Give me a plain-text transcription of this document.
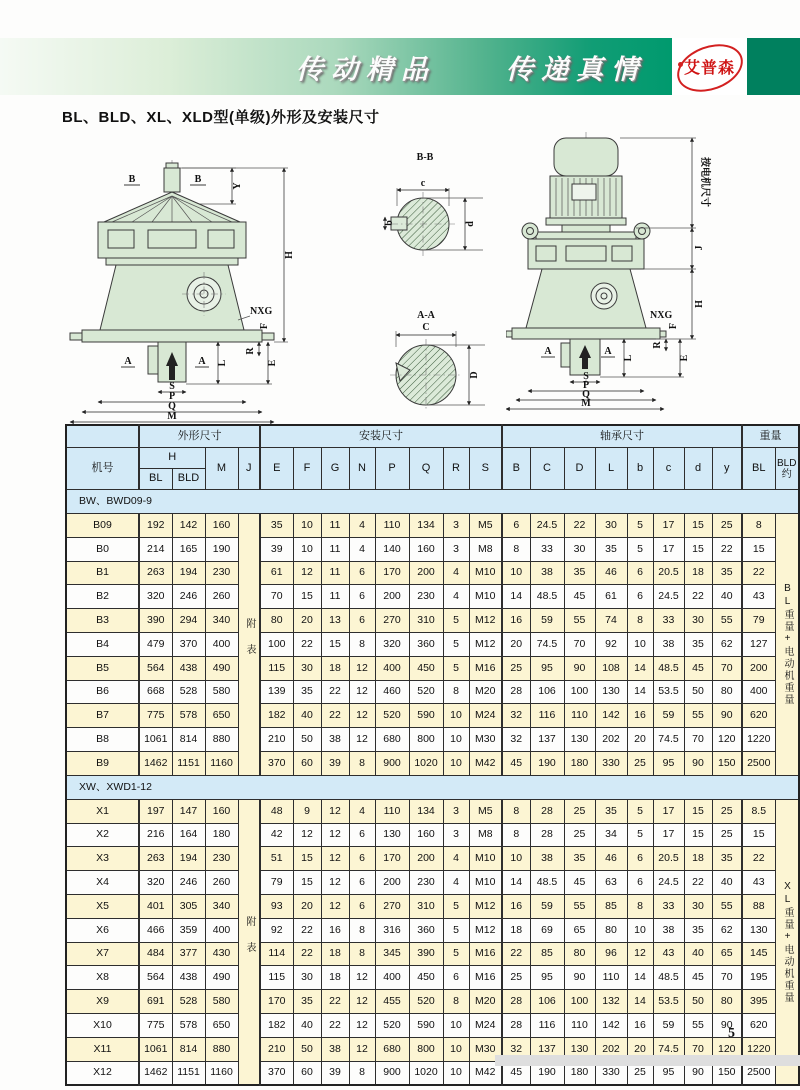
传动精品　　传递真情 艾普森
BL、BLD、XL、XLD型(单级)外形及安装尺寸
B	B
Y
A	A L
S
P
Q
M
H
E
R
NXG
F
B-B
c
b	d
A-A
C
D
A	A
L
S
P
Q
M
按电机尺寸
J
H
NXG
F
R
E
	外形尺寸				安装尺寸								轴承尺寸								重量	
机号	H		M	J	E	F	G	N	P	Q	R	S	B	C	D	L	b	c	d	y	BL	BLD约
	BL	BLD																				
BW、BWD09-9																						
B09	192	142	160	附表	35	10	11	4	110	134	3	M5	6	24.5	22	30	5	17	15	25	8	BL重量+电动机重量
B0	214	165	190		39	10	11	4	140	160	3	M8	8	33	30	35	5	17	15	22	15	
B1	263	194	230		61	12	11	6	170	200	4	M10	10	38	35	46	6	20.5	18	35	22	
B2	320	246	260		70	15	11	6	200	230	4	M10	14	48.5	45	61	6	24.5	22	40	43	
B3	390	294	340		80	20	13	6	270	310	5	M12	16	59	55	74	8	33	30	55	79	
B4	479	370	400		100	22	15	8	320	360	5	M12	20	74.5	70	92	10	38	35	62	127	
B5	564	438	490		115	30	18	12	400	450	5	M16	25	95	90	108	14	48.5	45	70	200	
B6	668	528	580		139	35	22	12	460	520	8	M20	28	106	100	130	14	53.5	50	80	400	
B7	775	578	650		182	40	22	12	520	590	10	M24	32	116	110	142	16	59	55	90	620	
B8	1061	814	880		210	50	38	12	680	800	10	M30	32	137	130	202	20	74.5	70	120	1220	
B9	1462	1151	1160		370	60	39	8	900	1020	10	M42	45	190	180	330	25	95	90	150	2500	
XW、XWD1-12																						
X1	197	147	160	附表	48	9	12	4	110	134	3	M5	8	28	25	35	5	17	15	25	8.5	XL重量+电动机重量
X2	216	164	180		42	12	12	6	130	160	3	M8	8	28	25	34	5	17	15	25	15	
X3	263	194	230		51	15	12	6	170	200	4	M10	10	38	35	46	6	20.5	18	35	22	
X4	320	246	260		79	15	12	6	200	230	4	M10	14	48.5	45	63	6	24.5	22	40	43	
X5	401	305	340		93	20	12	6	270	310	5	M12	16	59	55	85	8	33	30	55	88	
X6	466	359	400		92	22	16	8	316	360	5	M12	18	69	65	80	10	38	35	62	130	
X7	484	377	430		114	22	18	8	345	390	5	M16	22	85	80	96	12	43	40	65	145	
X8	564	438	490		115	30	18	12	400	450	6	M16	25	95	90	110	14	48.5	45	70	195	
X9	691	528	580		170	35	22	12	455	520	8	M20	28	106	100	132	14	53.5	50	80	395	
X10	775	578	650		182	40	22	12	520	590	10	M24	28	116	110	142	16	59	55	90	620	
X11	1061	814	880		210	50	38	12	680	800	10	M30	32	137	130	202	20	74.5	70	120	1220	
X12	1462	1151	1160		370	60	39	8	900	1020	10	M42	45	190	180	330	25	95	90	150	2500	
5
